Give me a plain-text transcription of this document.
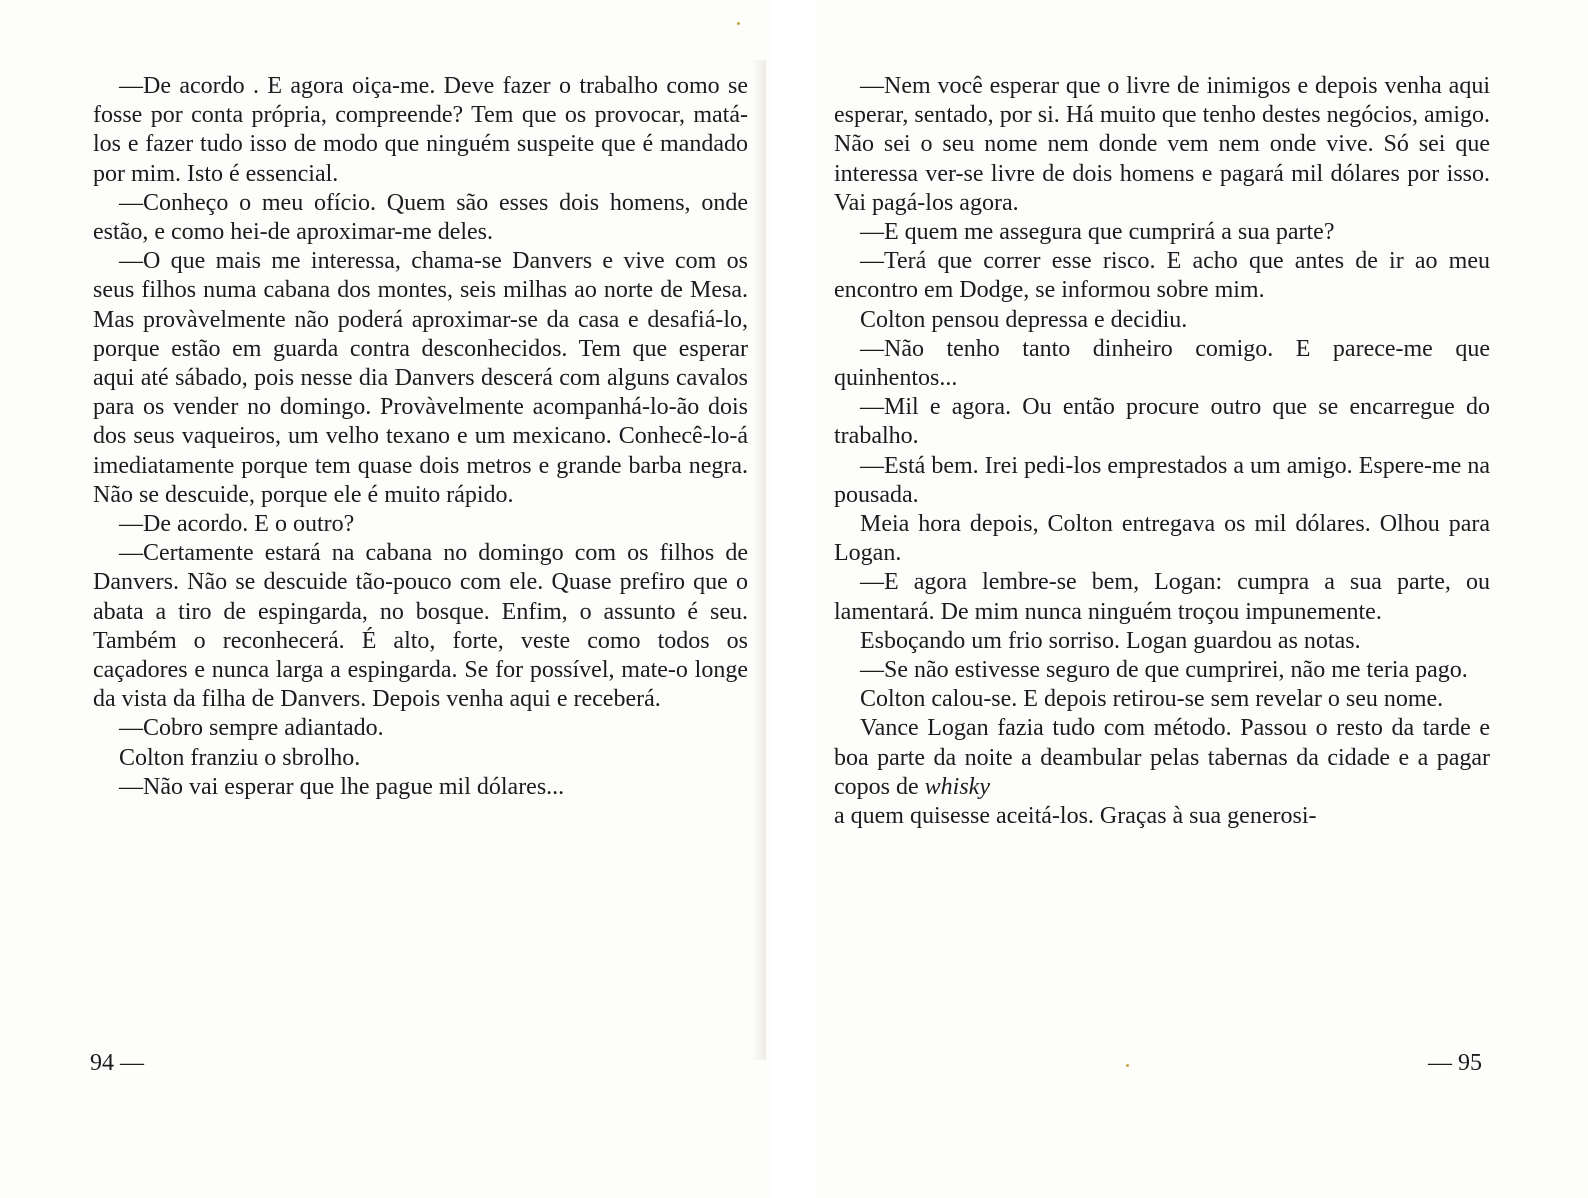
—De acordo . E agora oiça-me. Deve fazer o trabalho como se fosse por conta própria, compreende? Tem que os provocar, matá-los e fazer tudo isso de modo que ninguém suspeite que é mandado por mim. Isto é essencial.

—Conheço o meu ofício. Quem são esses dois homens, onde estão, e como hei-de aproximar-me deles.

—O que mais me interessa, chama-se Danvers e vive com os seus filhos numa cabana dos montes, seis milhas ao norte de Mesa. Mas provàvelmente não poderá aproximar-se da casa e desafiá-lo, porque estão em guarda contra desconhecidos. Tem que esperar aqui até sábado, pois nesse dia Danvers descerá com alguns cavalos para os vender no domingo. Provàvelmente acompanhá-lo-ão dois dos seus vaqueiros, um velho texano e um mexicano. Conhecê-lo-á imediatamente porque tem quase dois metros e grande barba negra. Não se descuide, porque ele é muito rápido.

—De acordo. E o outro?

—Certamente estará na cabana no domingo com os filhos de Danvers. Não se descuide tão-pouco com ele. Quase prefiro que o abata a tiro de espingarda, no bosque. Enfim, o assunto é seu. Também o reconhecerá. É alto, forte, veste como todos os caçadores e nunca larga a espingarda. Se for possível, mate-o longe da vista da filha de Danvers. Depois venha aqui e receberá.

—Cobro sempre adiantado.

Colton franziu o sbrolho.

—Não vai esperar que lhe pague mil dólares...

94 —

—Nem você esperar que o livre de inimigos e depois venha aqui esperar, sentado, por si. Há muito que tenho destes negócios, amigo. Não sei o seu nome nem donde vem nem onde vive. Só sei que interessa ver-se livre de dois homens e pagará mil dólares por isso. Vai pagá-los agora.

—E quem me assegura que cumprirá a sua parte?

—Terá que correr esse risco. E acho que antes de ir ao meu encontro em Dodge, se informou sobre mim.

Colton pensou depressa e decidiu.

—Não tenho tanto dinheiro comigo. E parece-me que quinhentos...

—Mil e agora. Ou então procure outro que se encarregue do trabalho.

—Está bem. Irei pedi-los emprestados a um amigo. Espere-me na pousada.

Meia hora depois, Colton entregava os mil dólares. Olhou para Logan.

—E agora lembre-se bem, Logan: cumpra a sua parte, ou lamentará. De mim nunca ninguém troçou impunemente.

Esboçando um frio sorriso. Logan guardou as notas.

—Se não estivesse seguro de que cumprirei, não me teria pago.

Colton calou-se. E depois retirou-se sem revelar o seu nome.

Vance Logan fazia tudo com método. Passou o resto da tarde e boa parte da noite a deambular pelas tabernas da cidade e a pagar copos de whisky

a quem quisesse aceitá-los. Graças à sua generosi-

— 95
